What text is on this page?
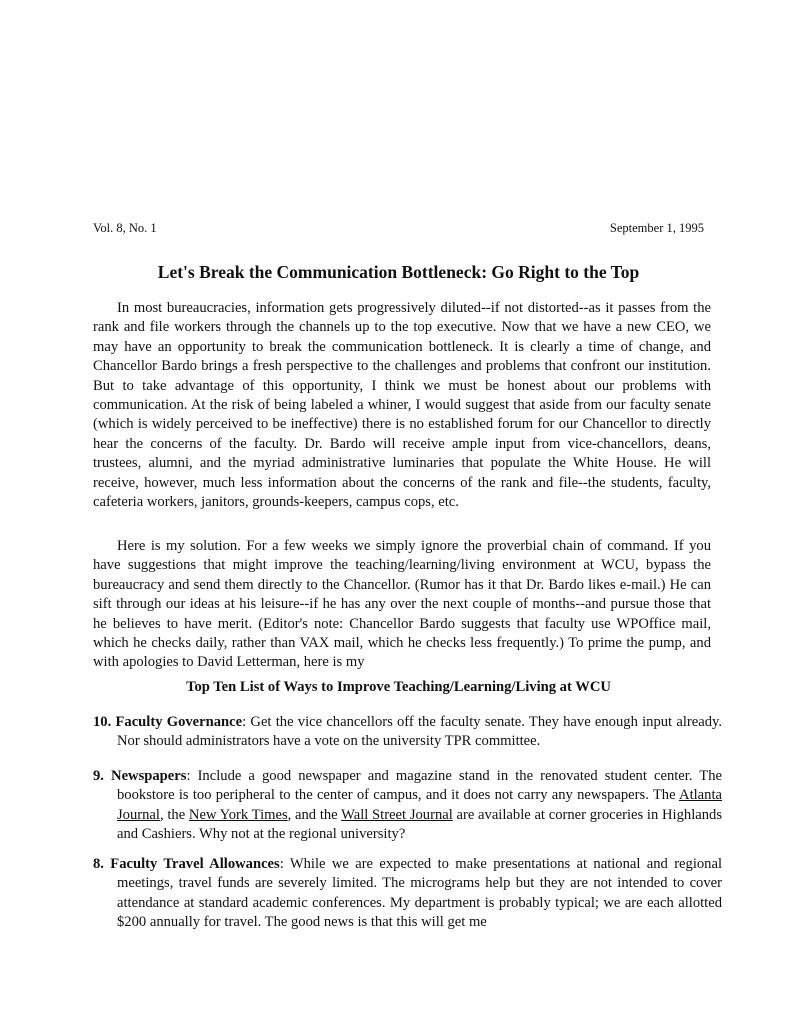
Vol. 8, No. 1	September 1, 1995
Let's Break the Communication Bottleneck: Go Right to the Top

In most bureaucracies, information gets progressively diluted--if not distorted--as it passes from the rank and file workers through the channels up to the top executive. Now that we have a new CEO, we may have an opportunity to break the communication bottleneck. It is clearly a time of change, and Chancellor Bardo brings a fresh perspective to the challenges and problems that confront our institution. But to take advantage of this opportunity, I think we must be honest about our problems with communication. At the risk of being labeled a whiner, I would suggest that aside from our faculty senate (which is widely perceived to be ineffective) there is no established forum for our Chancellor to directly hear the concerns of the faculty. Dr. Bardo will receive ample input from vice-chancellors, deans, trustees, alumni, and the myriad administrative luminaries that populate the White House. He will receive, however, much less information about the concerns of the rank and file--the students, faculty, cafeteria workers, janitors, grounds-keepers, campus cops, etc.

Here is my solution. For a few weeks we simply ignore the proverbial chain of command. If you have suggestions that might improve the teaching/learning/living environment at WCU, bypass the bureaucracy and send them directly to the Chancellor. (Rumor has it that Dr. Bardo likes e-mail.) He can sift through our ideas at his leisure--if he has any over the next couple of months--and pursue those that he believes to have merit. (Editor's note: Chancellor Bardo suggests that faculty use WPOffice mail, which he checks daily, rather than VAX mail, which he checks less frequently.) To prime the pump, and with apologies to David Letterman, here is my

Top Ten List of Ways to Improve Teaching/Learning/Living at WCU

10. Faculty Governance: Get the vice chancellors off the faculty senate. They have enough input already. Nor should administrators have a vote on the university TPR committee.

9. Newspapers: Include a good newspaper and magazine stand in the renovated student center. The bookstore is too peripheral to the center of campus, and it does not carry any newspapers. The Atlanta Journal, the New York Times, and the Wall Street Journal are available at corner groceries in Highlands and Cashiers. Why not at the regional university?

8. Faculty Travel Allowances: While we are expected to make presentations at national and regional meetings, travel funds are severely limited. The micrograms help but they are not intended to cover attendance at standard academic conferences. My department is probably typical; we are each allotted $200 annually for travel. The good news is that this will get me
